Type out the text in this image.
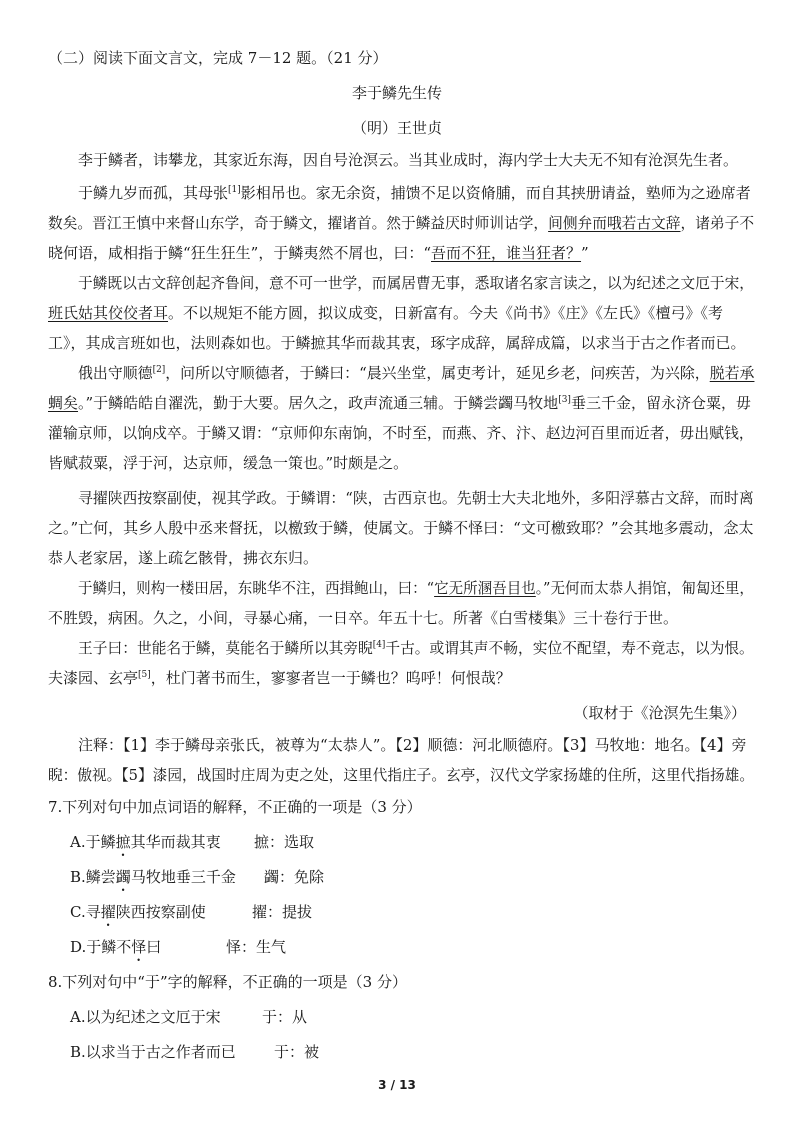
（二）阅读下面文言文，完成 7－12 题。（21 分）
李于鳞先生传
（明）王世贞
李于鳞者，讳攀龙，其家近东海，因自号沧溟云。当其业成时，海内学士大夫无不知有沧溟先生者。
于鳞九岁而孤，其母张[1]影相吊也。家无余资，捕馈不足以资脩脯，而自其挟册请益，塾师为之逊席者
数矣。晋江王慎中来督山东学，奇于鳞文，擢诸首。然于鳞益厌时师训诂学，间侧弁而哦若古文辞，诸弟子不
晓何语，咸相指于鳞“狂生狂生”，于鳞夷然不屑也，曰：“吾而不狂，谁当狂者？”
于鳞既以古文辞创起齐鲁间，意不可一世学，而属居曹无事，悉取诸名家言读之，以为纪述之文厄于宋，
班氏姑其佼佼者耳。不以规矩不能方圆，拟议成变，日新富有。今夫《尚书》《庄》《左氏》《檀弓》《考
工》，其成言班如也，法则森如也。于鳞摭其华而裁其衷，琢字成辞，属辞成篇，以求当于古之作者而已。
俄出守顺德[2]，问所以守顺德者，于鳞曰：“晨兴坐堂，属吏考计，延见乡老，问疾苦，为兴除，脱若承
蜩矣。”于鳞皓皓自濯洗，勤于大要。居久之，政声流通三辅。于鳞尝蠲马牧地[3]垂三千金，留永济仓粟，毋
灌输京师，以饷戍卒。于鳞又谓：“京师仰东南饷，不时至，而燕、齐、汴、赵边河百里而近者，毋出赋钱，
皆赋菽粟，浮于河，达京师，缓急一策也。”时颇是之。
寻擢陕西按察副使，视其学政。于鳞谓：“陕，古西京也。先朝士大夫北地外，多阳浮慕古文辞，而时离
之。”亡何，其乡人殷中丞来督抚，以檄致于鳞，使属文。于鳞不怿曰：“文可檄致耶？”会其地多震动，念太
恭人老家居，遂上疏乞骸骨，拂衣东归。
于鳞归，则构一楼田居，东眺华不注，西揖鲍山，曰：“它无所溷吾目也。”无何而太恭人捐馆，匍匐还里，
不胜毁，病困。久之，小间，寻暴心痛，一日卒。年五十七。所著《白雪楼集》三十卷行于世。
王子曰：世能名于鳞，莫能名于鳞所以其旁睨[4]千古。或谓其声不畅，实位不配望，寿不竟志，以为恨。
夫漆园、玄亭[5]，杜门著书而生，寥寥者岂一于鳞也？呜呼！何恨哉？
（取材于《沧溟先生集》）
注释：【1】李于鳞母亲张氏，被尊为“太恭人”。【2】顺德：河北顺德府。【3】马牧地：地名。【4】旁
睨：傲视。【5】漆园，战国时庄周为吏之处，这里代指庄子。玄亭，汉代文学家扬雄的住所，这里代指扬雄。
7.下列对句中加点词语的解释，不正确的一项是（3 分）
A.于鳞摭其华而裁其衷 摭：选取
B.鳞尝蠲马牧地垂三千金 蠲：免除
C.寻擢陕西按察副使	擢：提拔
D.于鳞不怿曰	怿：生气
8.下列对句中“于”字的解释，不正确的一项是（3 分）
A.以为纪述之文厄于宋	于：从
B.以求当于古之作者而已	于：被
3 / 13
